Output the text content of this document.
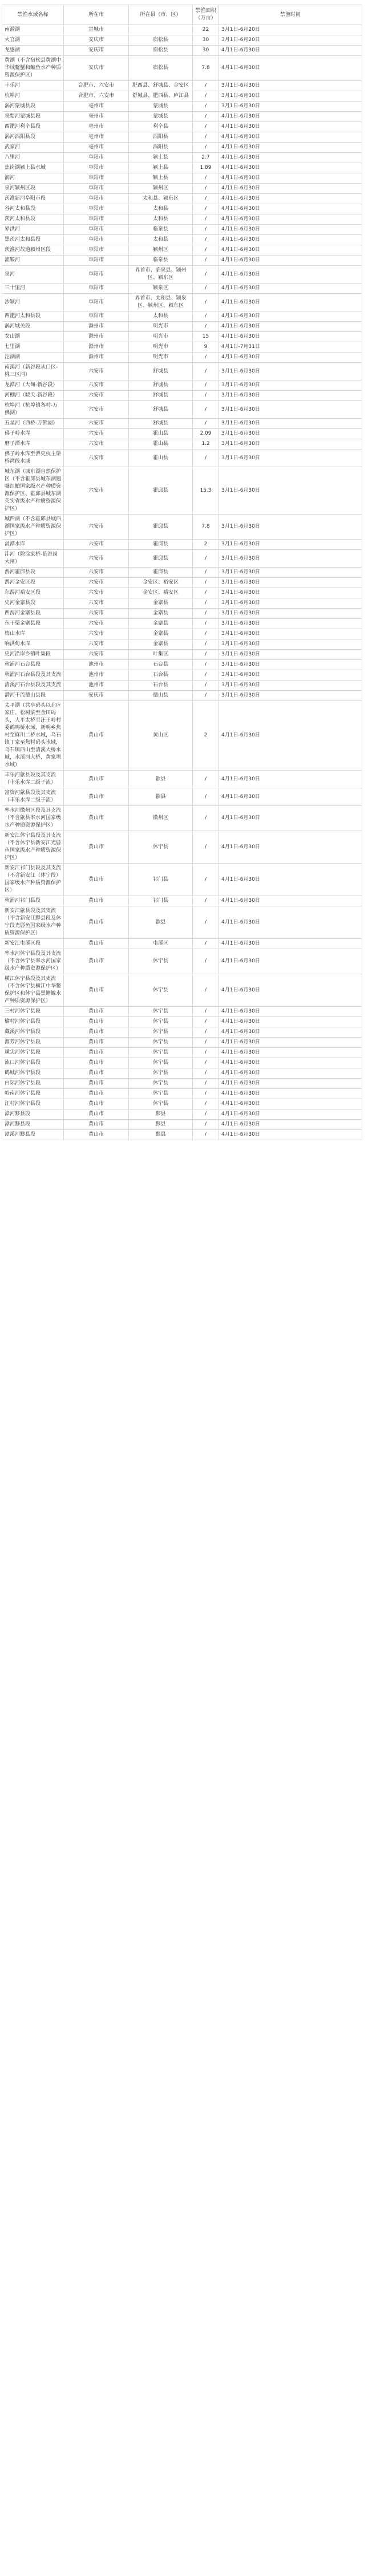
禁渔水域名称	所在市	所在县（市、区）	禁渔面积（万亩）	禁渔时间
南漪湖	宣城市		22	3月1日-6月20日
大官湖	安庆市	宿松县	30	3月1日-6月20日
龙感湖	安庆市	宿松县	30	4月1日-6月30日
黄湖（不含宿松县黄湖中华绒鳌蟹和鳊鱼水产种质资源保护区）	安庆市	宿松县	7.8	4月1日-6月30日
丰乐河	合肥市、六安市	肥西县、舒城县、金安区	/	3月1日-6月30日
杭埠河	合肥市、六安市	舒城县、肥西县、庐江县	/	3月1日-6月30日
涡河蒙城县段	亳州市	蒙城县	/	3月1日-6月30日
泉要河蒙城县段	亳州市	蒙城县	/	4月1日-6月30日
西淝河利辛县段	亳州市	利辛县	/	4月1日-6月30日
涡河涡阳县段	亳州市	涡阳县	/	4月1日-6月30日
武家河	亳州市	涡阳县	/	4月1日-6月30日
八里河	阜阳市	颍上县	2.7	4月1日-6月30日
焦岗湖颍上县水域	阜阳市	颍上县	1.89	4月1日-6月30日
润河	阜阳市	颍上县	/	4月1日-6月30日
泉河颍州区段	阜阳市	颍州区	/	4月1日-6月30日
茨淮新河阜阳市段	阜阳市	太和县、颍东区	/	4月1日-6月30日
谷河太和县段	阜阳市	太和县	/	4月1日-6月30日
茨河太和县段	阜阳市	太和县	/	4月1日-6月30日
界洪河	阜阳市	临泉县	/	4月1日-6月30日
黑茨河太和县段	阜阳市	太和县	/	4月1日-6月30日
茨淮河故道颍州区段	阜阳市	颍州区	/	4月1日-6月30日
流鞍河	阜阳市	临泉县	/	4月1日-6月30日
泉河	阜阳市	界首市、临泉县、颍州区、颍东区	/	4月1日-6月30日
三十里河	阜阳市	颍泉区	/	4月1日-6月30日
沙颍河	阜阳市	界首市、太和县、颍泉区、颍州区、颍东区	/	4月1日-6月30日
西淝河太和县段	阜阳市	太和县	/	4月1日-6月30日
涡河城关段	滁州市	明光市	/	4月1日-6月30日
女山湖	滁州市	明光市	15	4月1日-6月30日
七里湖	滁州市	明光市	9	4月1日-7月31日
沱湖湖	滁州市	明光市	/	4月1日-6月30日
南溪河（新谷段从口区-桃三区河）	六安市	舒城县	/	3月1日-6月30日
龙潭河（大甸-新谷段）	六安市	舒城县	/	3月1日-6月30日
河棚河（晓天-新谷段）	六安市	舒城县	/	3月1日-6月30日
杭埠河（杭埠镇各村-万佛湖）	六安市	舒城县	/	3月1日-6月30日
五星河（西桥-万佛湖）	六安市	舒城县	/	3月1日-6月30日
佛子岭水库	六安市	霍山县	2.09	3月1日-6月30日
磨子潭水库	六安市	霍山县	1.2	3月1日-6月30日
佛子岭水库至淠史杭主渠桥湾段水域	六安市	霍山县	/	3月1日-6月30日
城东湖（城东湖自然保护区（不含霍邱县城东湖翘嘴红鲌国家级水产种质资源保护区、霍邱县城东湖芡实省级水产种质资源保护区）	六安市	霍邱县	15.3	3月1日-6月30日
城西湖（不含霍邱县城西湖国家级水产种质资源保护区）	六安市	霍邱县	7.8	3月1日-6月30日
汲潭水库	六安市	霍邱县	2	3月1日-6月30日
沣河（除涂家桥-临淮岗大闸）	六安市	霍邱县	/	3月1日-6月30日
淠河霍邱县段	六安市	霍邱县	/	3月1日-6月30日
淠河金安区段	六安市	金安区、裕安区	/	3月1日-6月30日
东淠河裕安区段	六安市	金安区、裕安区	/	3月1日-6月30日
史河金寨县段	六安市	金寨县	/	3月1日-6月30日
西淠河金寨县段	六安市	金寨县	/	3月1日-6月30日
东干渠金寨县段	六安市	金寨县	/	3月1日-6月30日
梅山水库	六安市	金寨县	/	3月1日-6月30日
响洪甸水库	六安市	金寨县	/	3月1日-6月30日
史河沿岸乡镇叶集段	六安市	叶集区	/	3月1日-6月30日
秋浦河石台县段	池州市	石台县	/	3月1日-6月30日
秋浦河石台县段及其支流	池州市	石台县	/	3月1日-6月30日
清溪河石台县段及其支流	池州市	石台县	/	3月1日-6月30日
潜河干流德山县段	安庆市	德山县	/	3月1日-6月30日
太平湖（共享码头以北应家庄、松树梁至金田码头，大平太桥至汪王岭村委鹤鸣桥水域，新明乡焦村至麻川二桥水域，乌石镇丁家至焦村码头水域，乌石镇西山至清溪大桥水域，水溪河大桥，黄家坝水域）	黄山市	黄山区	2	4月1日-6月30日
丰乐河歙县段及其支流（丰乐水库二级子流）	黄山市	歙县	/	4月1日-6月30日
富资河歙县段及其支流（丰乐水库二级子流）	黄山市	歙县	/	4月1日-6月30日
率水河徽州区段及其支流（不含歙县率水河国家级水产种质资源保护区）	黄山市	徽州区	/	4月1日-6月30日
新安江休宁县段及其支流（不含休宁县新安江光唇鱼国家级水产种质资源保护区）	黄山市	休宁县	/	4月1日-6月30日
新安江祁门县段及其支流（不含新安江（休宁段）国家级水产种质资源保护区）	黄山市	祁门县	/	4月1日-6月30日
秋浦河祁门县段	黄山市	祁门县	/	4月1日-6月30日
新安江歙县段及其支流（不含新安江黟县段及休宁段光唇鱼国家级水产种质资源保护区）	黄山市	歙县	/	4月1日-6月30日
新安江屯溪区段	黄山市	屯溪区	/	4月1日-6月30日
率水河休宁县段及其支流（不含休宁县率水河国家级水产种质资源保护区）	黄山市	休宁县	/	4月1日-6月30日
横江休宁县段及其支流（不含休宁县横江中华鳖保护区和休宁县黑鳍鳈水产种质资源保护区）	黄山市	休宁县	/	4月1日-6月30日
三村河休宁县段	黄山市	休宁县	/	4月1日-6月30日
榆村河休宁县段	黄山市	休宁县	/	4月1日-6月30日
藏溪河休宁县段	黄山市	休宁县	/	4月1日-6月30日
源芳河休宁县段	黄山市	休宁县	/	4月1日-6月30日
璜尖河休宁县段	黄山市	休宁县	/	4月1日-6月30日
流口河休宁县段	黄山市	休宁县	/	4月1日-6月30日
鹤城河休宁县段	黄山市	休宁县	/	4月1日-6月30日
白际河休宁县段	黄山市	休宁县	/	4月1日-6月30日
岭南河休宁县段	黄山市	休宁县	/	4月1日-6月30日
汪村河休宁县段	黄山市	休宁县	/	4月1日-6月30日
漳河黟县段	黄山市	黟县	/	4月1日-6月30日
漳河黟县段	黄山市	黟县	/	4月1日-6月30日
漳溪河黟县段	黄山市	黟县	/	4月1日-6月30日
